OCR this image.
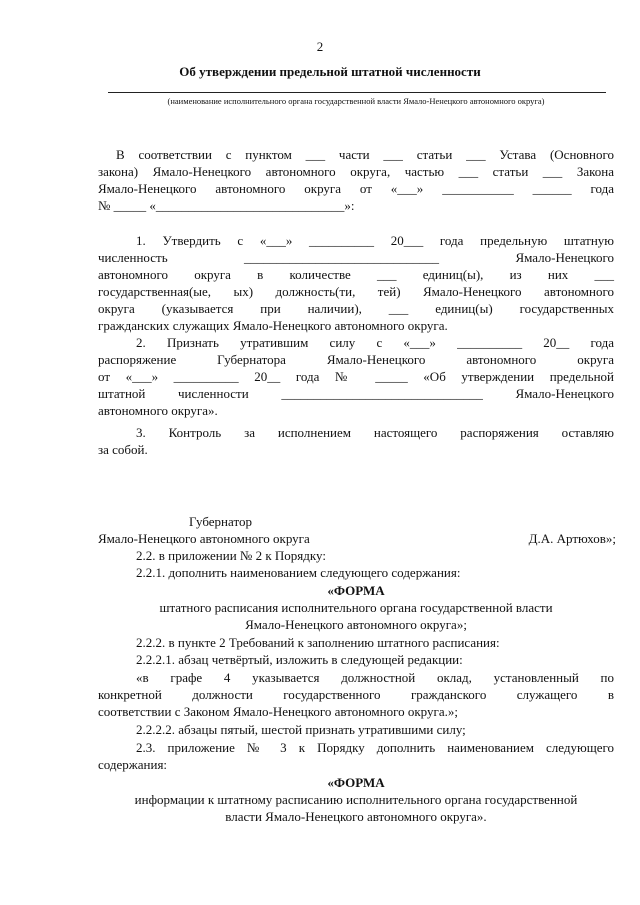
2
Об утверждении предельной штатной численности
(наименование исполнительного органа государственной власти Ямало-Ненецкого автономного округа)
В соответствии с пунктом ___ части ___ статьи ___ Устава (Основного
закона) Ямало-Ненецкого автономного округа, частью ___ статьи ___ Закона
Ямало-Ненецкого автономного округа от «___» ___________ ______ года
№ _____ «_____________________________»:
1. Утвердить с «___» __________ 20___ года предельную штатную
численность ______________________________ Ямало-Ненецкого
автономного округа в количестве ___ единиц(ы), из них ___
государственная(ые, ых) должность(ти, тей) Ямало-Ненецкого автономного
округа (указывается при наличии), ___ единиц(ы) государственных
гражданских служащих Ямало-Ненецкого автономного округа.
2. Признать утратившим силу с «___» __________ 20__ года
распоряжение Губернатора Ямало-Ненецкого автономного округа
от «___» __________ 20__ года № _____ «Об утверждении предельной
штатной численности _______________________________ Ямало-Ненецкого
автономного округа».
3. Контроль за исполнением настоящего распоряжения оставляю
за собой.
Губернатор
Ямало-Ненецкого автономного округа	Д.А. Артюхов»;
2.2. в приложении № 2 к Порядку:
2.2.1. дополнить наименованием следующего содержания:
«ФОРМА
штатного расписания исполнительного органа государственной власти
Ямало-Ненецкого автономного округа»;
2.2.2. в пункте 2 Требований к заполнению штатного расписания:
2.2.2.1. абзац четвёртый, изложить в следующей редакции:
«в графе 4 указывается должностной оклад, установленный по
конкретной должности государственного гражданского служащего в
соответствии с Законом Ямало-Ненецкого автономного округа.»;
2.2.2.2. абзацы пятый, шестой признать утратившими силу;
2.3. приложение № 3 к Порядку дополнить наименованием следующего
содержания:
«ФОРМА
информации к штатному расписанию исполнительного органа государственной
власти Ямало-Ненецкого автономного округа».
